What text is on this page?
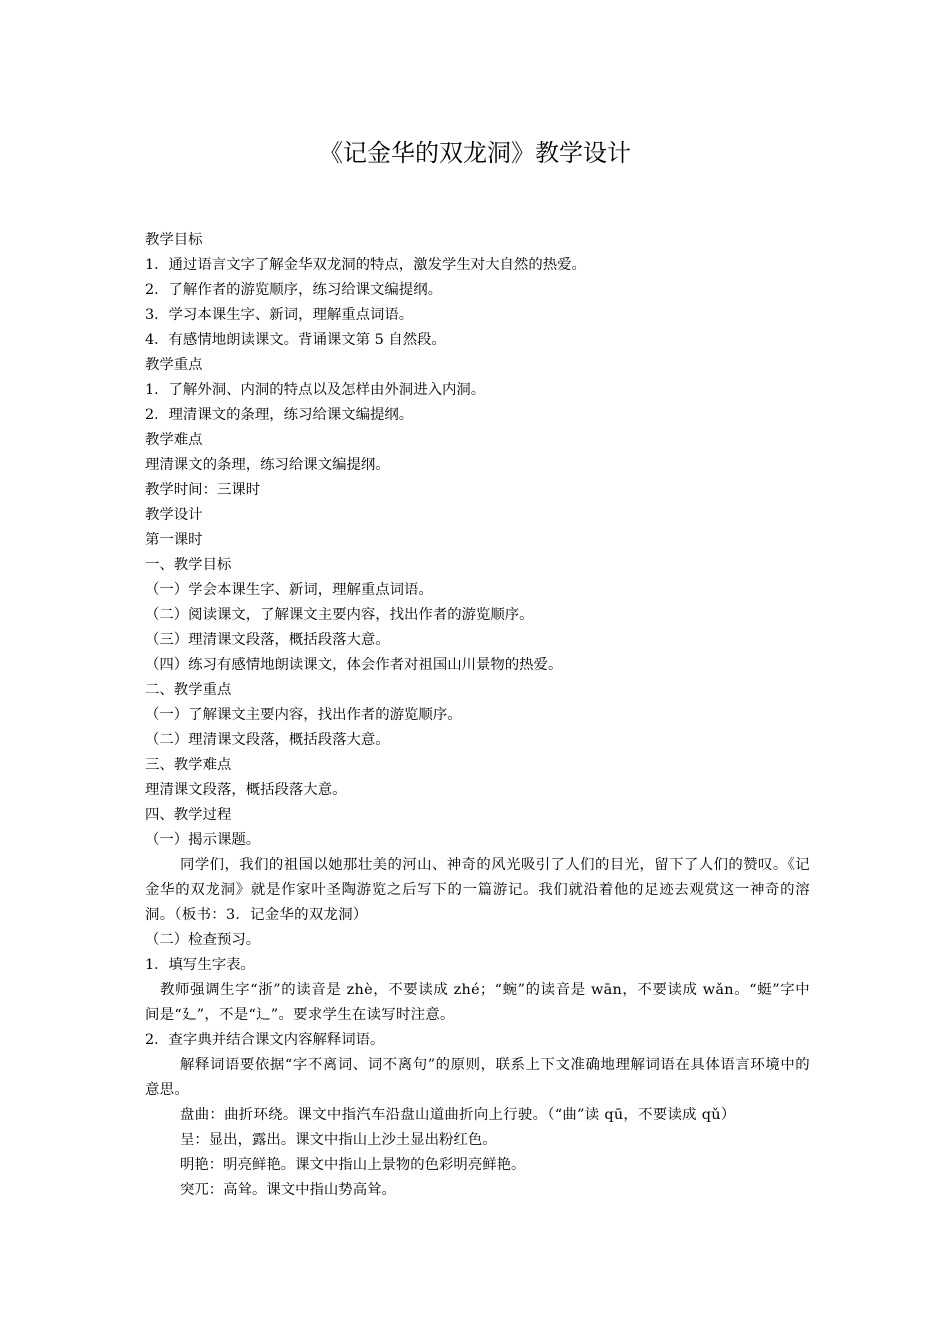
《记金华的双龙洞》教学设计

教学目标

1．通过语言文字了解金华双龙洞的特点，激发学生对大自然的热爱。

2．了解作者的游览顺序，练习给课文编提纲。

3．学习本课生字、新词，理解重点词语。

4．有感情地朗读课文。背诵课文第 5 自然段。

教学重点

1．了解外洞、内洞的特点以及怎样由外洞进入内洞。

2．理清课文的条理，练习给课文编提纲。

教学难点

理清课文的条理，练习给课文编提纲。

教学时间：三课时

教学设计

第一课时

一、教学目标

（一）学会本课生字、新词，理解重点词语。

（二）阅读课文，了解课文主要内容，找出作者的游览顺序。

（三）理清课文段落，概括段落大意。

（四）练习有感情地朗读课文，体会作者对祖国山川景物的热爱。

二、教学重点

（一）了解课文主要内容，找出作者的游览顺序。

（二）理清课文段落，概括段落大意。

三、教学难点

理清课文段落，概括段落大意。

四、教学过程

（一）揭示课题。

同学们，我们的祖国以她那壮美的河山、神奇的风光吸引了人们的目光，留下了人们的赞叹。《记金华的双龙洞》就是作家叶圣陶游览之后写下的一篇游记。我们就沿着他的足迹去观赏这一神奇的溶洞。（板书：3．记金华的双龙洞）

（二）检查预习。

1．填写生字表。

教师强调生字“浙”的读音是 zhè，不要读成 zhé；“蜿”的读音是 wān，不要读成 wǎn。“蜓”字中间是“廴”，不是“辶”。要求学生在读写时注意。

2．查字典并结合课文内容解释词语。

解释词语要依据“字不离词、词不离句”的原则，联系上下文准确地理解词语在具体语言环境中的意思。

盘曲：曲折环绕。课文中指汽车沿盘山道曲折向上行驶。（“曲”读 qū，不要读成 qǔ）

呈：显出，露出。课文中指山上沙土显出粉红色。

明艳：明亮鲜艳。课文中指山上景物的色彩明亮鲜艳。

突兀：高耸。课文中指山势高耸。
